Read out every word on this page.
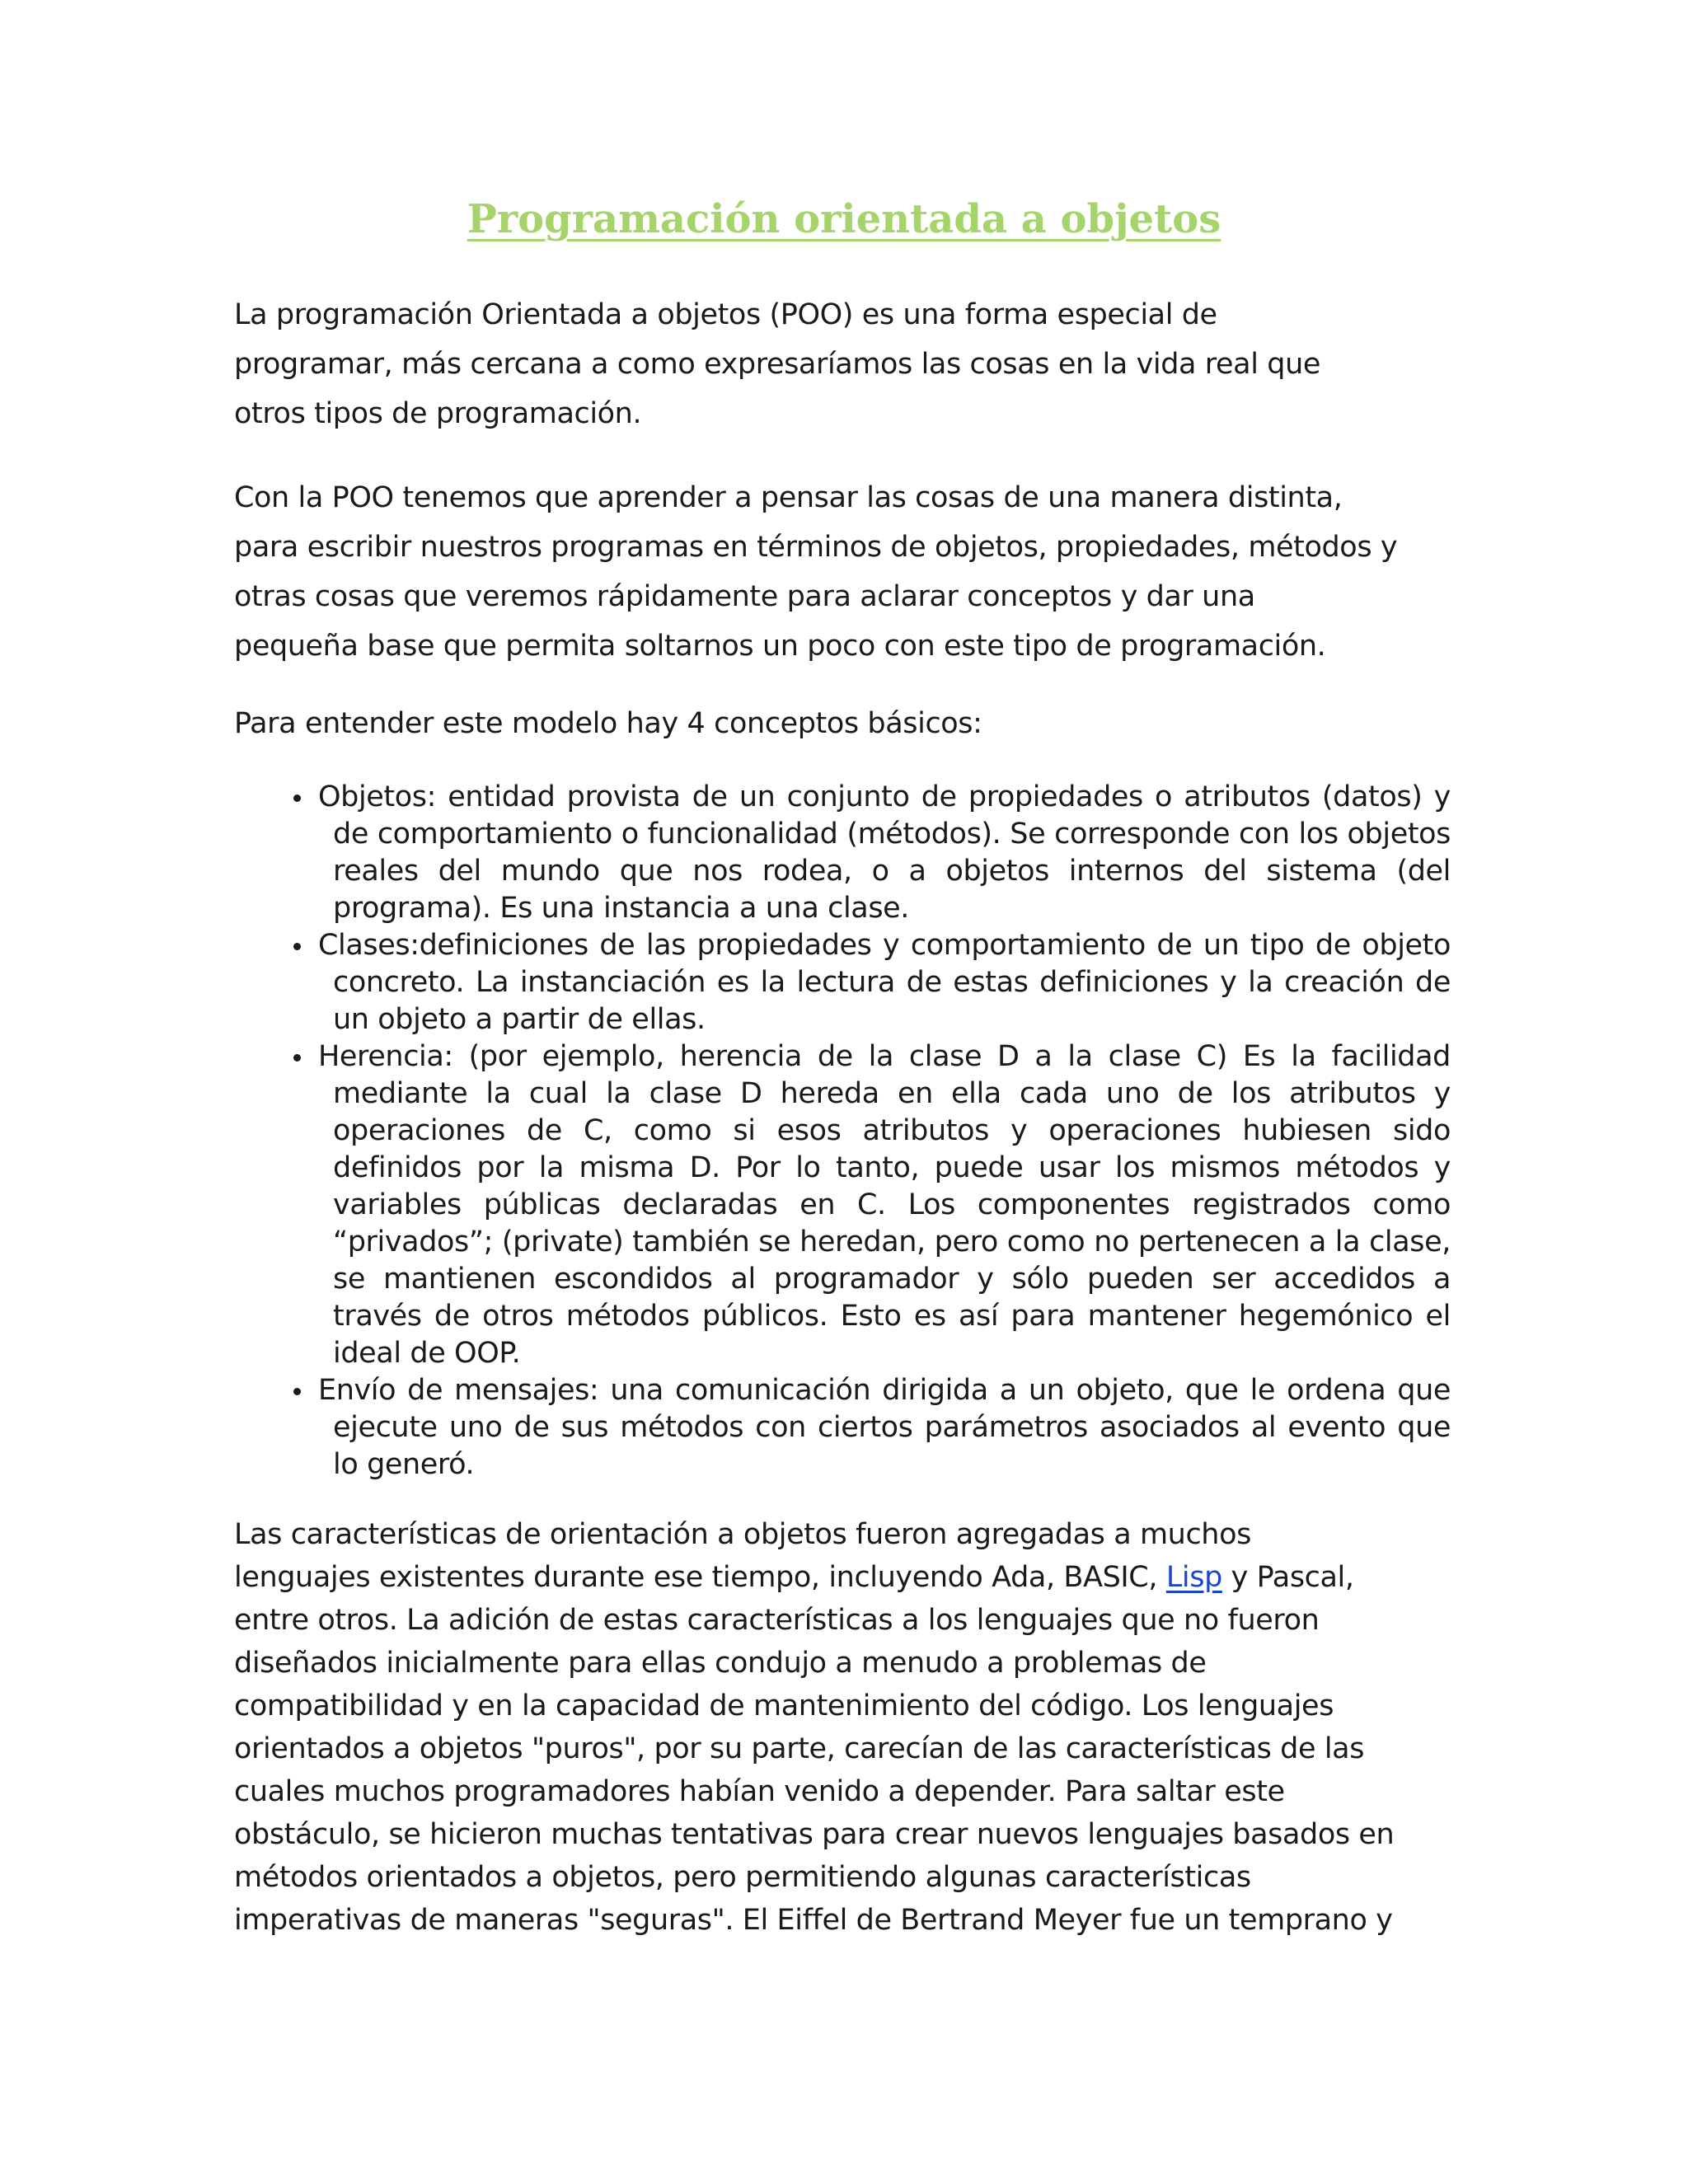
Programación orientada a objetos

La programación Orientada a objetos (POO) es una forma especial de
programar, más cercana a como expresaríamos las cosas en la vida real que
otros tipos de programación.

Con la POO tenemos que aprender a pensar las cosas de una manera distinta,
para escribir nuestros programas en términos de objetos, propiedades, métodos y
otras cosas que veremos rápidamente para aclarar conceptos y dar una
pequeña base que permita soltarnos un poco con este tipo de programación.

Para entender este modelo hay 4 conceptos básicos:

Objetos: entidad provista de un conjunto de propiedades o atributos (datos) y de comportamiento o funcionalidad (métodos). Se corresponde con los objetos reales del mundo que nos rodea, o a objetos internos del sistema (del programa). Es una instancia a una clase.
Clases:definiciones de las propiedades y comportamiento de un tipo de objeto concreto. La instanciación es la lectura de estas definiciones y la creación de un objeto a partir de ellas.
Herencia: (por ejemplo, herencia de la clase D a la clase C) Es la facilidad mediante la cual la clase D hereda en ella cada uno de los atributos y operaciones de C, como si esos atributos y operaciones hubiesen sido definidos por la misma D. Por lo tanto, puede usar los mismos métodos y variables públicas declaradas en C. Los componentes registrados como “privados”; (private) también se heredan, pero como no pertenecen a la clase, se mantienen escondidos al programador y sólo pueden ser accedidos a través de otros métodos públicos. Esto es así para mantener hegemónico el ideal de OOP.
Envío de mensajes: una comunicación dirigida a un objeto, que le ordena que ejecute uno de sus métodos con ciertos parámetros asociados al evento que lo generó.

Las características de orientación a objetos fueron agregadas a muchos
lenguajes existentes durante ese tiempo, incluyendo Ada, BASIC, Lisp y Pascal,
entre otros. La adición de estas características a los lenguajes que no fueron
diseñados inicialmente para ellas condujo a menudo a problemas de
compatibilidad y en la capacidad de mantenimiento del código. Los lenguajes
orientados a objetos "puros", por su parte, carecían de las características de las
cuales muchos programadores habían venido a depender. Para saltar este
obstáculo, se hicieron muchas tentativas para crear nuevos lenguajes basados en
métodos orientados a objetos, pero permitiendo algunas características
imperativas de maneras "seguras". El Eiffel de Bertrand Meyer fue un temprano y
